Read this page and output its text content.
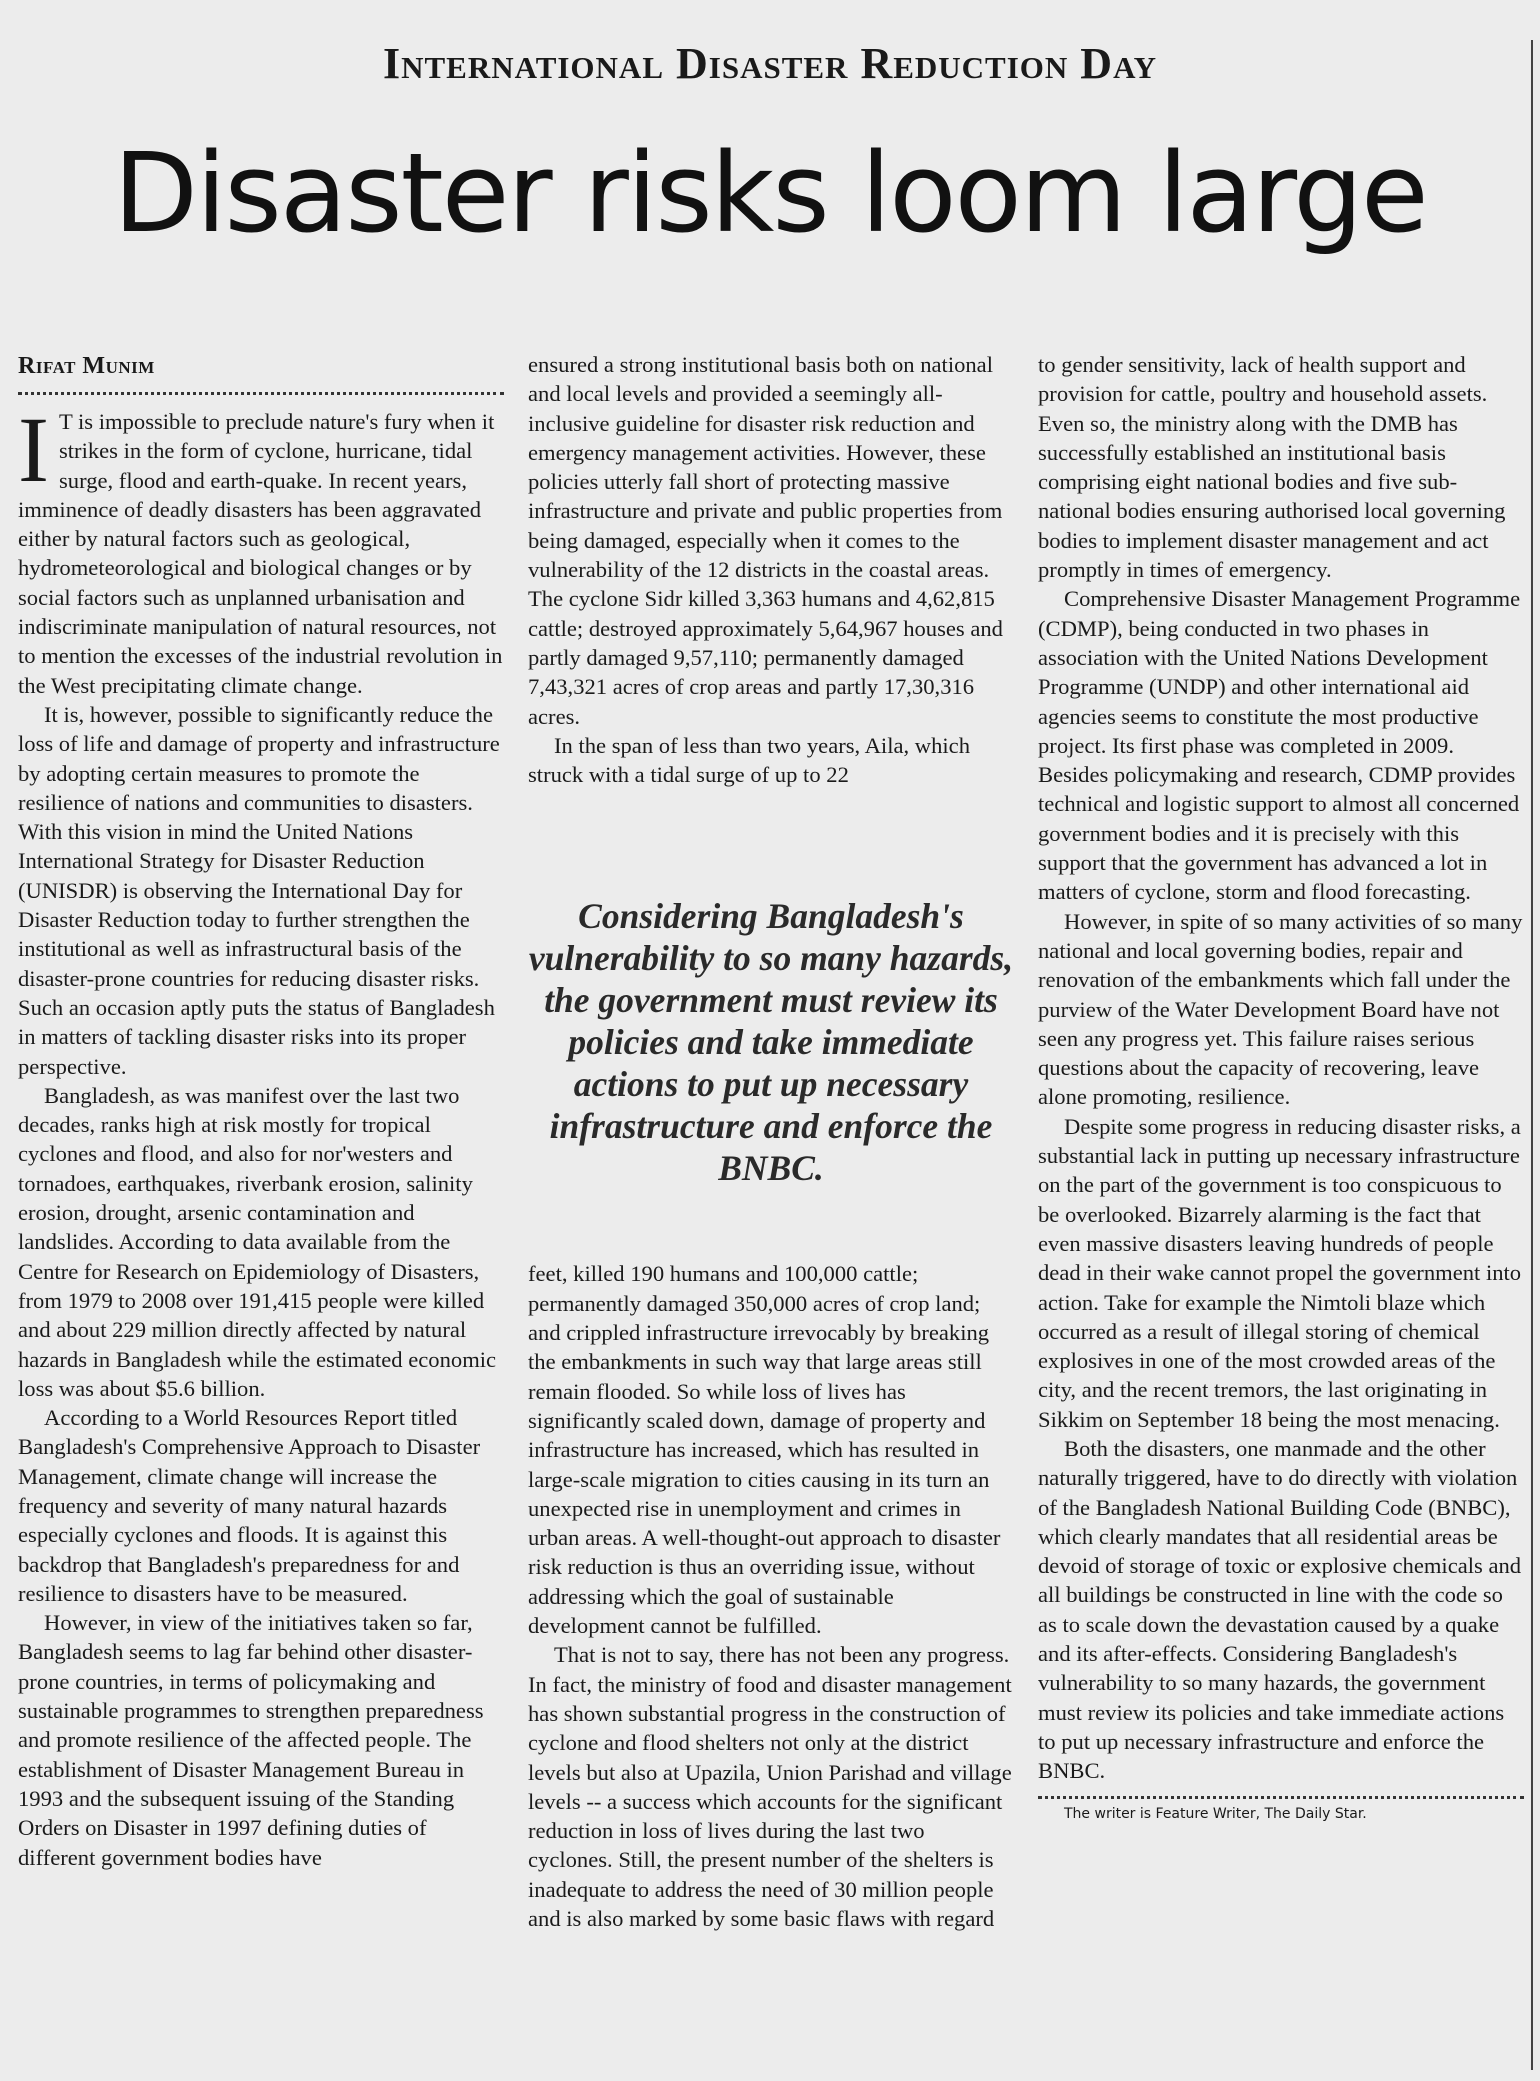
International Disaster Reduction Day
Disaster risks loom large
Rifat Munim

I T is impossible to preclude nature's fury when it strikes in the form of cyclone, hurricane, tidal surge, flood and earth-quake. In recent years, imminence of deadly disasters has been aggravated either by natural factors such as geological, hydrometeorological and biological changes or by social factors such as unplanned urbanisation and indiscriminate manipulation of natural resources, not to mention the excesses of the industrial revolution in the West precipitating climate change.

It is, however, possible to significantly reduce the loss of life and damage of property and infrastructure by adopting certain measures to promote the resilience of nations and communities to disasters. With this vision in mind the United Nations International Strategy for Disaster Reduction (UNISDR) is observing the International Day for Disaster Reduction today to further strengthen the institutional as well as infrastructural basis of the disaster-prone countries for reducing disaster risks. Such an occasion aptly puts the status of Bangladesh in matters of tackling disaster risks into its proper perspective.

Bangladesh, as was manifest over the last two decades, ranks high at risk mostly for tropical cyclones and flood, and also for nor'westers and tornadoes, earthquakes, riverbank erosion, salinity erosion, drought, arsenic contamination and landslides. According to data available from the Centre for Research on Epidemiology of Disasters, from 1979 to 2008 over 191,415 people were killed and about 229 million directly affected by natural hazards in Bangladesh while the estimated economic loss was about $5.6 billion.

According to a World Resources Report titled Bangladesh's Comprehensive Approach to Disaster Management, climate change will increase the frequency and severity of many natural hazards especially cyclones and floods. It is against this backdrop that Bangladesh's preparedness for and resilience to disasters have to be measured.

However, in view of the initiatives taken so far, Bangladesh seems to lag far behind other disaster-prone countries, in terms of policymaking and sustainable programmes to strengthen preparedness and promote resilience of the affected people. The establishment of Disaster Management Bureau in 1993 and the subsequent issuing of the Standing Orders on Disaster in 1997 defining duties of different government bodies have

ensured a strong institutional basis both on national and local levels and provided a seemingly all-inclusive guideline for disaster risk reduction and emergency management activities. However, these policies utterly fall short of protecting massive infrastructure and private and public properties from being damaged, especially when it comes to the vulnerability of the 12 districts in the coastal areas. The cyclone Sidr killed 3,363 humans and 4,62,815 cattle; destroyed approximately 5,64,967 houses and partly damaged 9,57,110; permanently damaged 7,43,321 acres of crop areas and partly 17,30,316 acres.

In the span of less than two years, Aila, which struck with a tidal surge of up to 22

Considering Bangladesh's vulnerability to so many hazards, the government must review its policies and take immediate actions to put up necessary infrastructure and enforce the BNBC.

feet, killed 190 humans and 100,000 cattle; permanently damaged 350,000 acres of crop land; and crippled infrastructure irrevocably by breaking the embankments in such way that large areas still remain flooded. So while loss of lives has significantly scaled down, damage of property and infrastructure has increased, which has resulted in large-scale migration to cities causing in its turn an unexpected rise in unemployment and crimes in urban areas. A well-thought-out approach to disaster risk reduction is thus an overriding issue, without addressing which the goal of sustainable development cannot be fulfilled.

That is not to say, there has not been any progress. In fact, the ministry of food and disaster management has shown substantial progress in the construction of cyclone and flood shelters not only at the district levels but also at Upazila, Union Parishad and village levels -- a success which accounts for the significant reduction in loss of lives during the last two cyclones. Still, the present number of the shelters is inadequate to address the need of 30 million people and is also marked by some basic flaws with regard

to gender sensitivity, lack of health support and provision for cattle, poultry and household assets. Even so, the ministry along with the DMB has successfully established an institutional basis comprising eight national bodies and five sub-national bodies ensuring authorised local governing bodies to implement disaster management and act promptly in times of emergency.

Comprehensive Disaster Management Programme (CDMP), being conducted in two phases in association with the United Nations Development Programme (UNDP) and other international aid agencies seems to constitute the most productive project. Its first phase was completed in 2009. Besides policymaking and research, CDMP provides technical and logistic support to almost all concerned government bodies and it is precisely with this support that the government has advanced a lot in matters of cyclone, storm and flood forecasting.

However, in spite of so many activities of so many national and local governing bodies, repair and renovation of the embankments which fall under the purview of the Water Development Board have not seen any progress yet. This failure raises serious questions about the capacity of recovering, leave alone promoting, resilience.

Despite some progress in reducing disaster risks, a substantial lack in putting up necessary infrastructure on the part of the government is too conspicuous to be overlooked. Bizarrely alarming is the fact that even massive disasters leaving hundreds of people dead in their wake cannot propel the government into action. Take for example the Nimtoli blaze which occurred as a result of illegal storing of chemical explosives in one of the most crowded areas of the city, and the recent tremors, the last originating in Sikkim on September 18 being the most menacing.

Both the disasters, one manmade and the other naturally triggered, have to do directly with violation of the Bangladesh National Building Code (BNBC), which clearly mandates that all residential areas be devoid of storage of toxic or explosive chemicals and all buildings be constructed in line with the code so as to scale down the devastation caused by a quake and its after-effects. Considering Bangladesh's vulnerability to so many hazards, the government must review its policies and take immediate actions to put up necessary infrastructure and enforce the BNBC.

The writer is Feature Writer, The Daily Star.
